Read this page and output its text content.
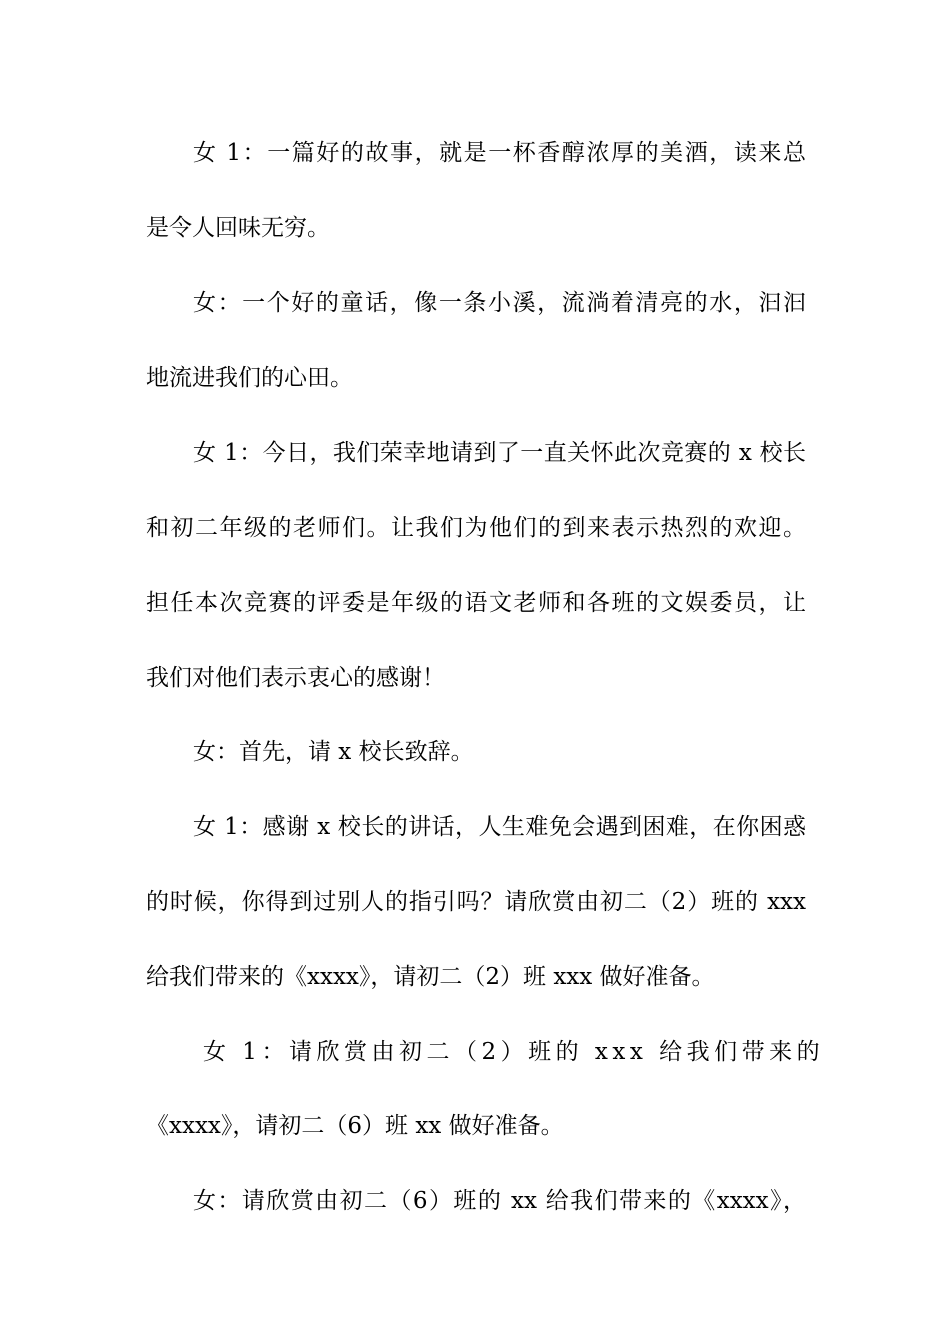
女 1：一篇好的故事，就是一杯香醇浓厚的美酒，读来总
是令人回味无穷。
女：一个好的童话，像一条小溪，流淌着清亮的水，汩汩
地流进我们的心田。
女 1：今日，我们荣幸地请到了一直关怀此次竞赛的 x 校长
和初二年级的老师们。让我们为他们的到来表示热烈的欢迎。
担任本次竞赛的评委是年级的语文老师和各班的文娱委员，让
我们对他们表示衷心的感谢！
女：首先，请 x 校长致辞。
女 1：感谢 x 校长的讲话，人生难免会遇到困难，在你困惑
的时候，你得到过别人的指引吗？请欣赏由初二（2）班的 xxx
给我们带来的《xxxx》，请初二（2）班 xxx 做好准备。
女 1：请欣赏由初二（2）班的 xxx 给我们带来的
《xxxx》，请初二（6）班 xx 做好准备。
女：请欣赏由初二（6）班的 xx 给我们带来的《xxxx》，
